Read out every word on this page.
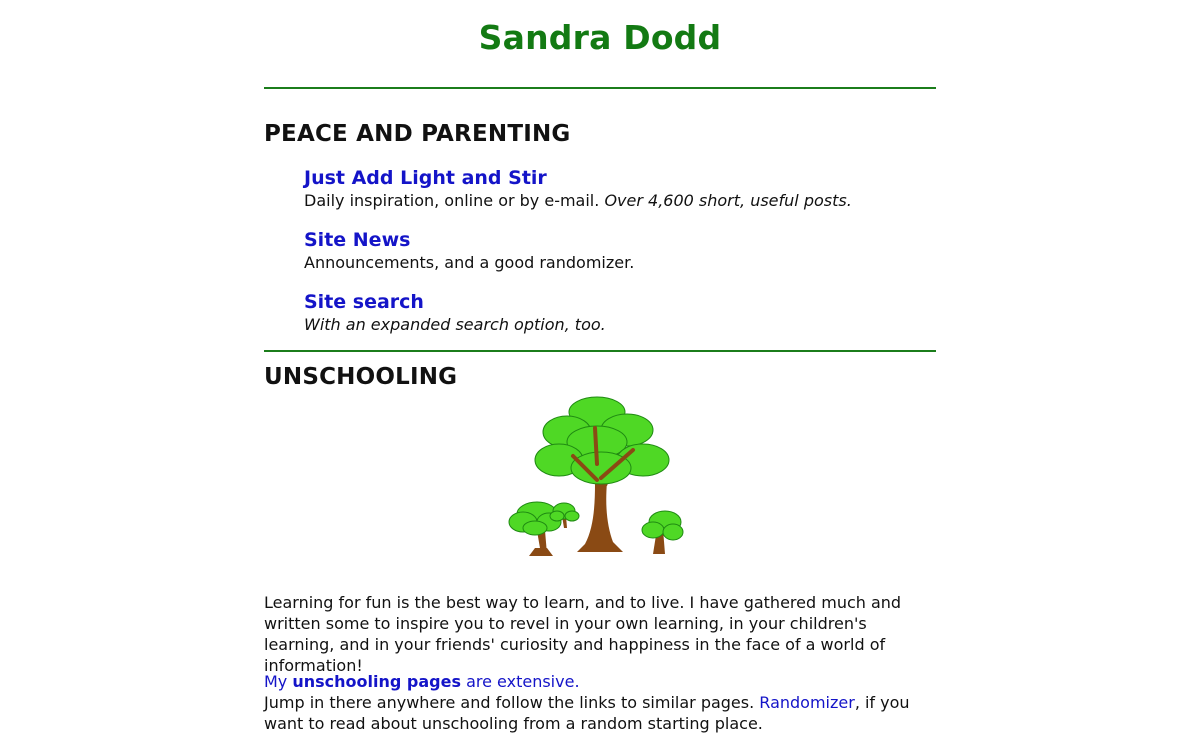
Sandra Dodd
PEACE AND PARENTING
Just Add Light and Stir
Daily inspiration, online or by e-mail. Over 4,600 short, useful posts.
Site News
Announcements, and a good randomizer.
Site search
With an expanded search option, too.
UNSCHOOLING

Learning for fun is the best way to learn, and to live. I have gathered much and written some to inspire you to revel in your own learning, in your children's learning, and in your friends' curiosity and happiness in the face of a world of information!

My unschooling pages are extensive.
Jump in there anywhere and follow the links to similar pages. Randomizer, if you want to read about unschooling from a random starting place.
